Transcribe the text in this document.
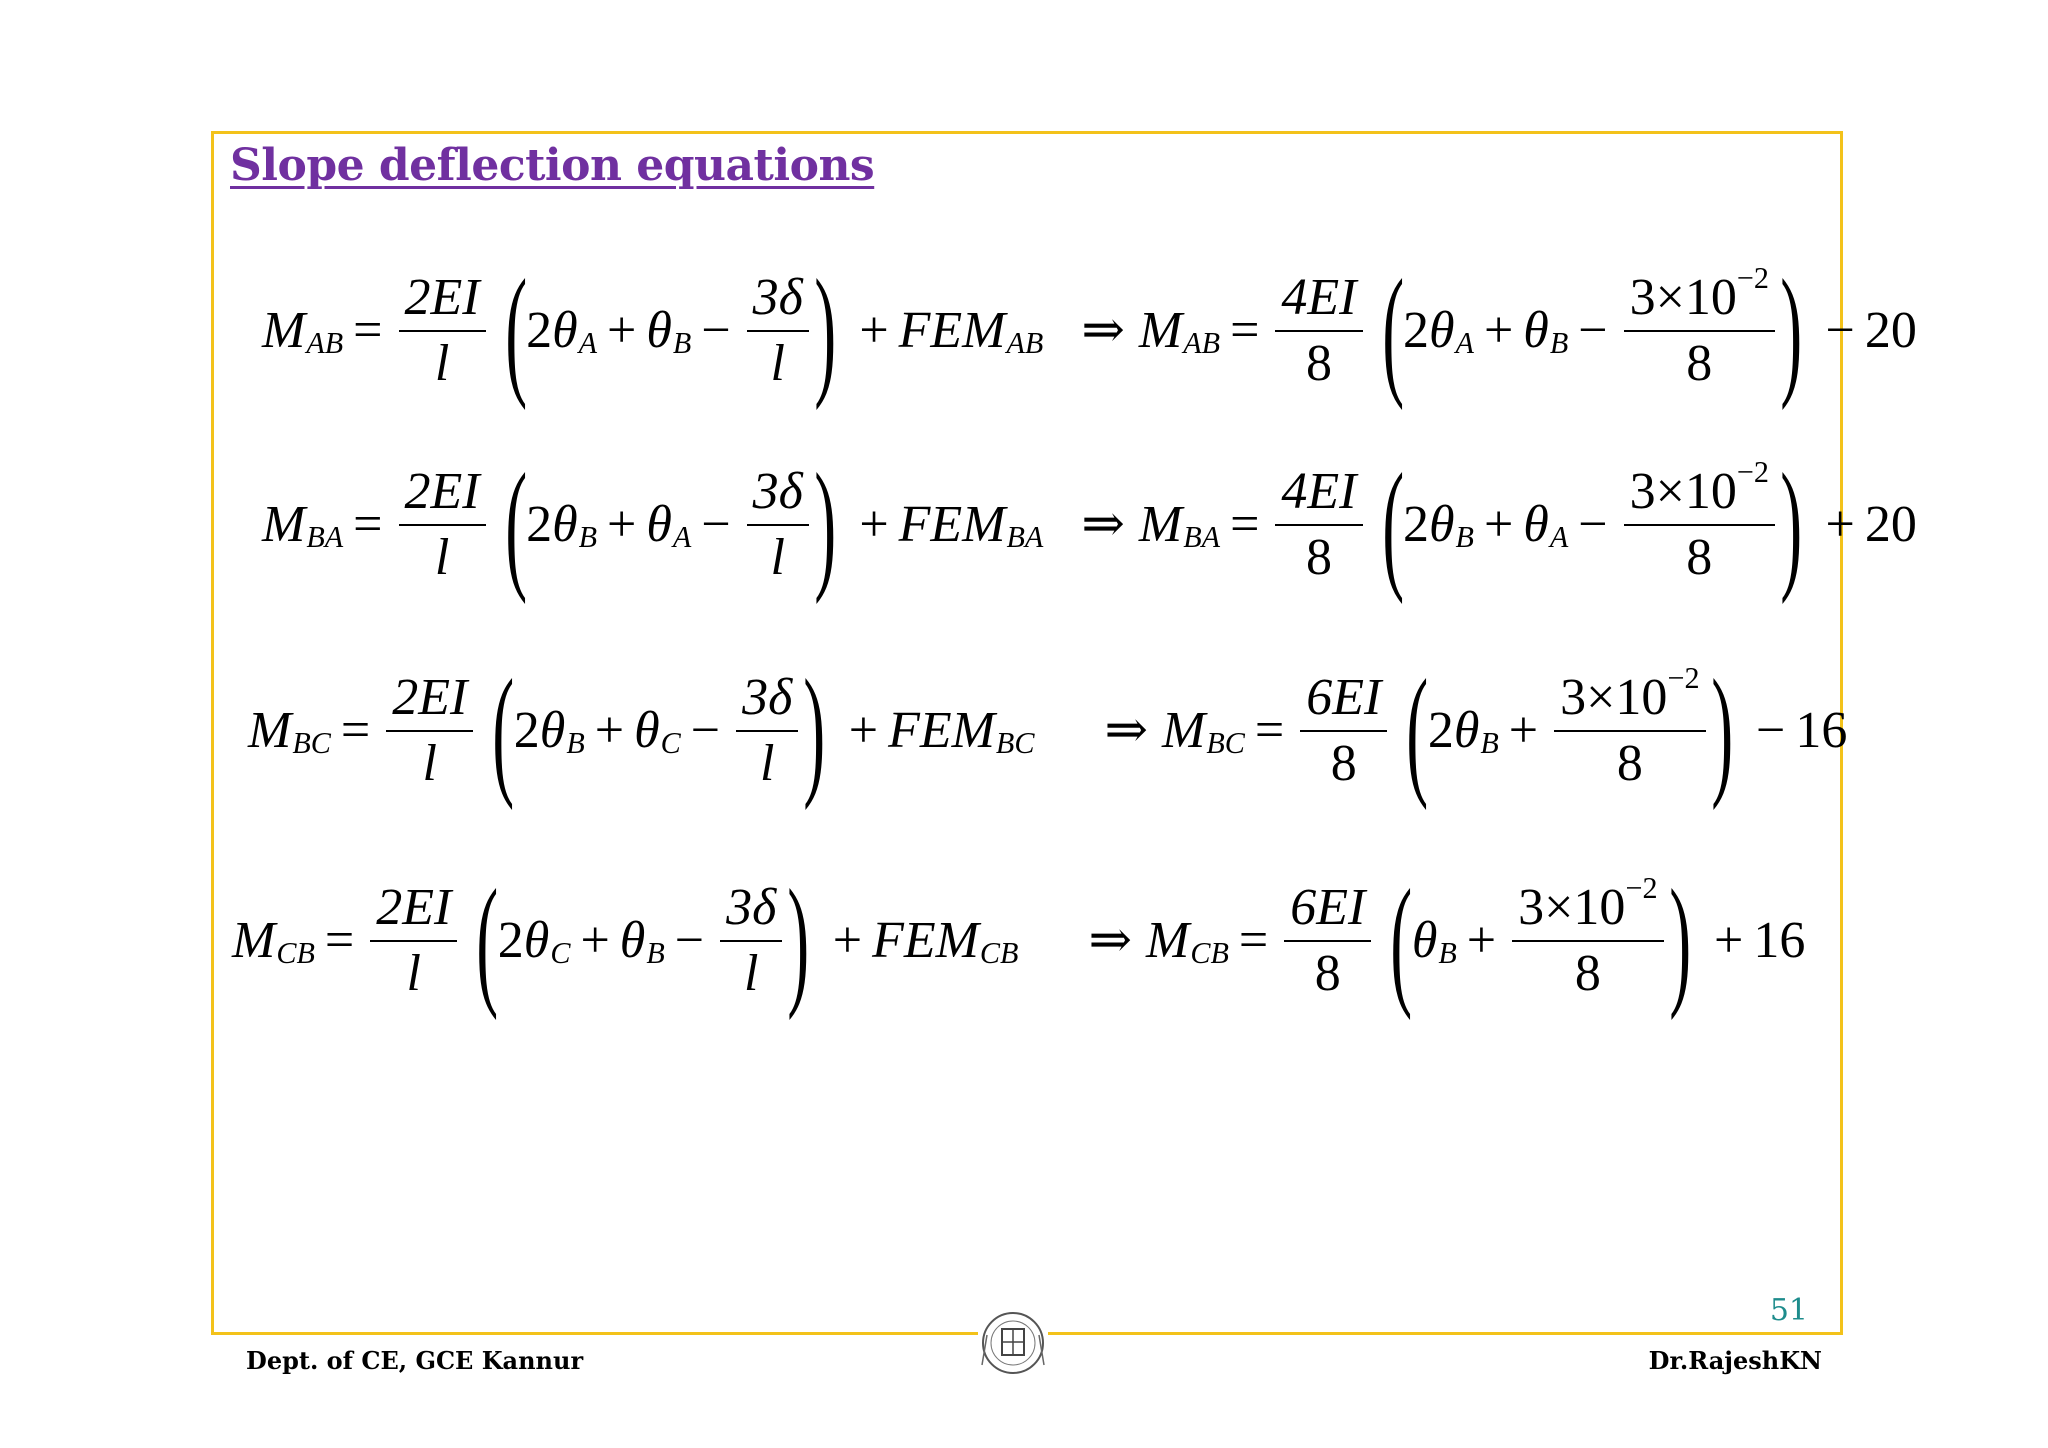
Slope deflection equations
M AB = $\frac{2EI}{l}$ ( 2 θ A + θ $B - \frac{3\delta}{l}$ ) + FEM AB ⇒ M AB = $\frac{4EI}{8}$ ( 2 θ A + θ $B - \frac{3\times 10^{-2}}{8}$ ) − 20
M BA = $\frac{2EI}{l}$ ( 2 θ B + θ $A - \frac{3\delta}{l}$ ) + FEM BA ⇒ M BA = $\frac{4EI}{8}$ ( 2 θ B + θ $A - \frac{3\times 10^{-2}}{8}$ ) + 20
M BC = $\frac{2EI}{l}$ ( 2 θ B + θ $C - \frac{3\delta}{l}$ ) + FEM BC ⇒ M BC = $\frac{6EI}{8}$ ( 2 θ $B + \frac{3\times 10^{-2}}{8}$ ) − 16
M CB = $\frac{2EI}{l}$ ( 2 θ C + θ $B - \frac{3\delta}{l}$ ) + FEM CB ⇒ M CB = $\frac{6EI}{8}$ ( θ $B + \frac{3\times 10^{-2}}{8}$ ) + 16
51
Dept. of CE, GCE Kannur	Dr.RajeshKN
